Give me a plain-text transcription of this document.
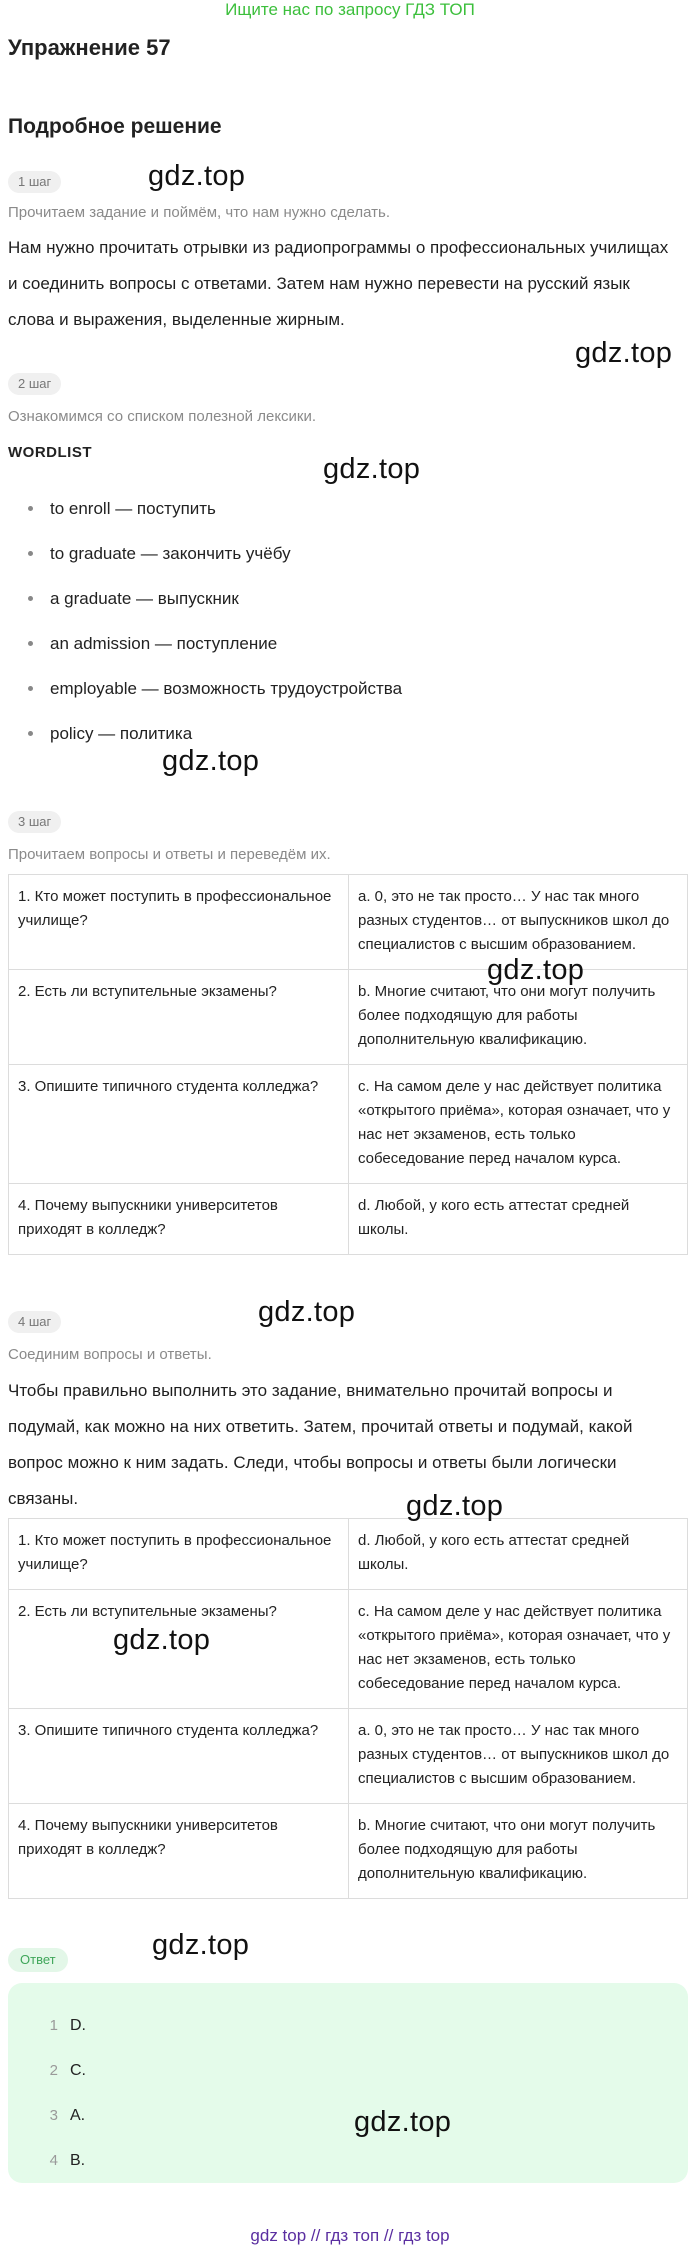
Ищите нас по запросу ГДЗ ТОП
Упражнение 57
Подробное решение
1 шаг
Прочитаем задание и поймём, что нам нужно сделать.
Нам нужно прочитать отрывки из радиопрограммы о профессиональных училищах и соединить вопросы с ответами. Затем нам нужно перевести на русский язык слова и выражения, выделенные жирным.
2 шаг
Ознакомимся со списком полезной лексики.
WORDLIST
to enroll — поступить
to graduate — закончить учёбу
a graduate — выпускник
an admission — поступление
employable — возможность трудоустройства
policy — политика
3 шаг
Прочитаем вопросы и ответы и переведём их.
1. Кто может поступить в профессиональное училище?	a. 0, это не так просто… У нас так много разных студентов… от выпускников школ до специалистов с высшим образованием.
2. Есть ли вступительные экзамены?	b. Многие считают, что они могут получить более подходящую для работы дополнительную квалификацию.
3. Опишите типичного студента колледжа?	c. На самом деле у нас действует политика «открытого приёма», которая означает, что у нас нет экзаменов, есть только собеседование перед началом курса.
4. Почему выпускники университетов приходят в колледж?	d. Любой, у кого есть аттестат средней школы.
4 шаг
Соединим вопросы и ответы.
Чтобы правильно выполнить это задание, внимательно прочитай вопросы и подумай, как можно на них ответить. Затем, прочитай ответы и подумай, какой вопрос можно к ним задать. Следи, чтобы вопросы и ответы были логически связаны.
1. Кто может поступить в профессиональное училище?	d. Любой, у кого есть аттестат средней школы.
2. Есть ли вступительные экзамены?	c. На самом деле у нас действует политика «открытого приёма», которая означает, что у нас нет экзаменов, есть только собеседование перед началом курса.
3. Опишите типичного студента колледжа?	a. 0, это не так просто… У нас так много разных студентов… от выпускников школ до специалистов с высшим образованием.
4. Почему выпускники университетов приходят в колледж?	b. Многие считают, что они могут получить более подходящую для работы дополнительную квалификацию.
Ответ
1 D.
2 C.
3 A.
4 B.
gdz.top
gdz.top
gdz.top
gdz.top
gdz.top
gdz.top
gdz.top
gdz.top
gdz.top
gdz.top
gdz top // гдз топ // гдз top
